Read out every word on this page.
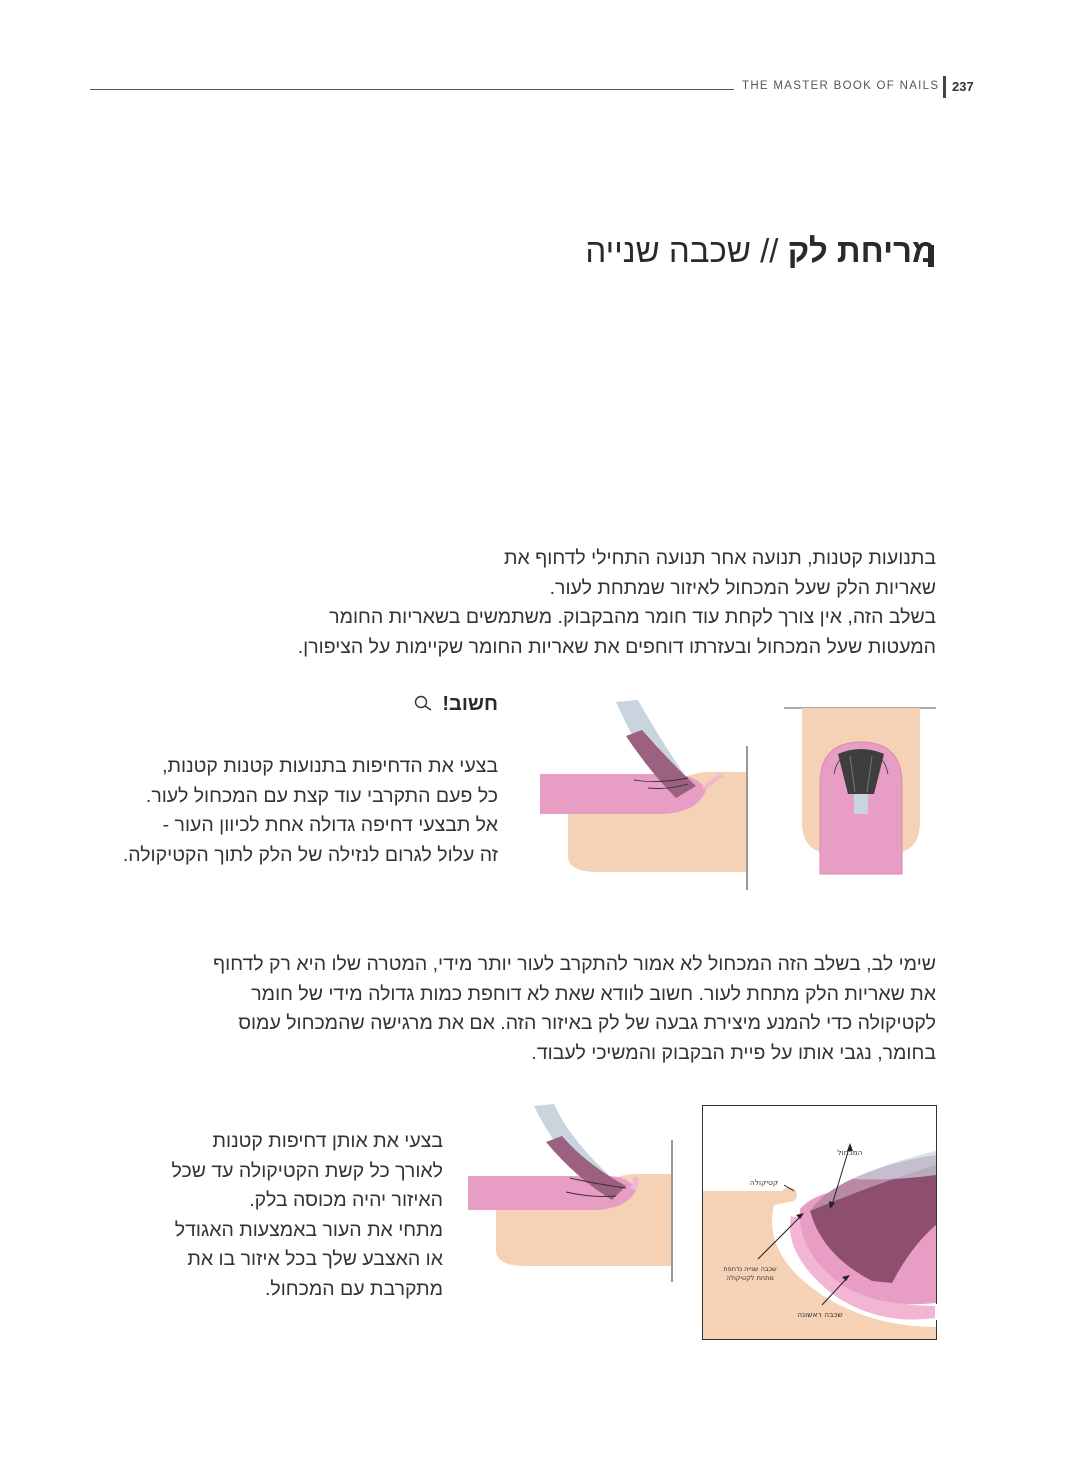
THE MASTER BOOK OF NAILS 237
מריחת לק // שכבה שנייה
בתנועות קטנות, תנועה אחר תנועה התחילי לדחוף את
שאריות הלק שעל המכחול לאיזור שמתחת לעור.
בשלב הזה, אין צורך לקחת עוד חומר מהבקבוק. משתמשים בשאריות החומר
המעטות שעל המכחול ובעזרתו דוחפים את שאריות החומר שקיימות על הציפורן.
חשוב!
בצעי את הדחיפות בתנועות קטנות קטנות,
כל פעם התקרבי עוד קצת עם המכחול לעור.
אל תבצעי דחיפה גדולה אחת לכיוון העור -
זה עלול לגרום לנזילה של הלק לתוך הקטיקולה.
שימי לב, בשלב הזה המכחול לא אמור להתקרב לעור יותר מידי, המטרה שלו היא רק לדחוף
את שאריות הלק מתחת לעור. חשוב לוודא שאת לא דוחפת כמות גדולה מידי של חומר
לקטיקולה כדי להמנע מיצירת גבעה של לק באיזור הזה. אם את מרגישה שהמכחול עמוס
בחומר, נגבי אותו על פיית הבקבוק והמשיכי לעבוד.
בצעי את אותן דחיפות קטנות
לאורך כל קשת הקטיקולה עד שכל
האיזור יהיה מכוסה בלק.
מתחי את העור באמצעות האגודל
או האצבע שלך בכל איזור בו את
מתקרבת עם המכחול.
המכחול
קטיקולה
שכבה שנייה נדחפת
מתחת לקטיקולה
שכבה ראשונה
